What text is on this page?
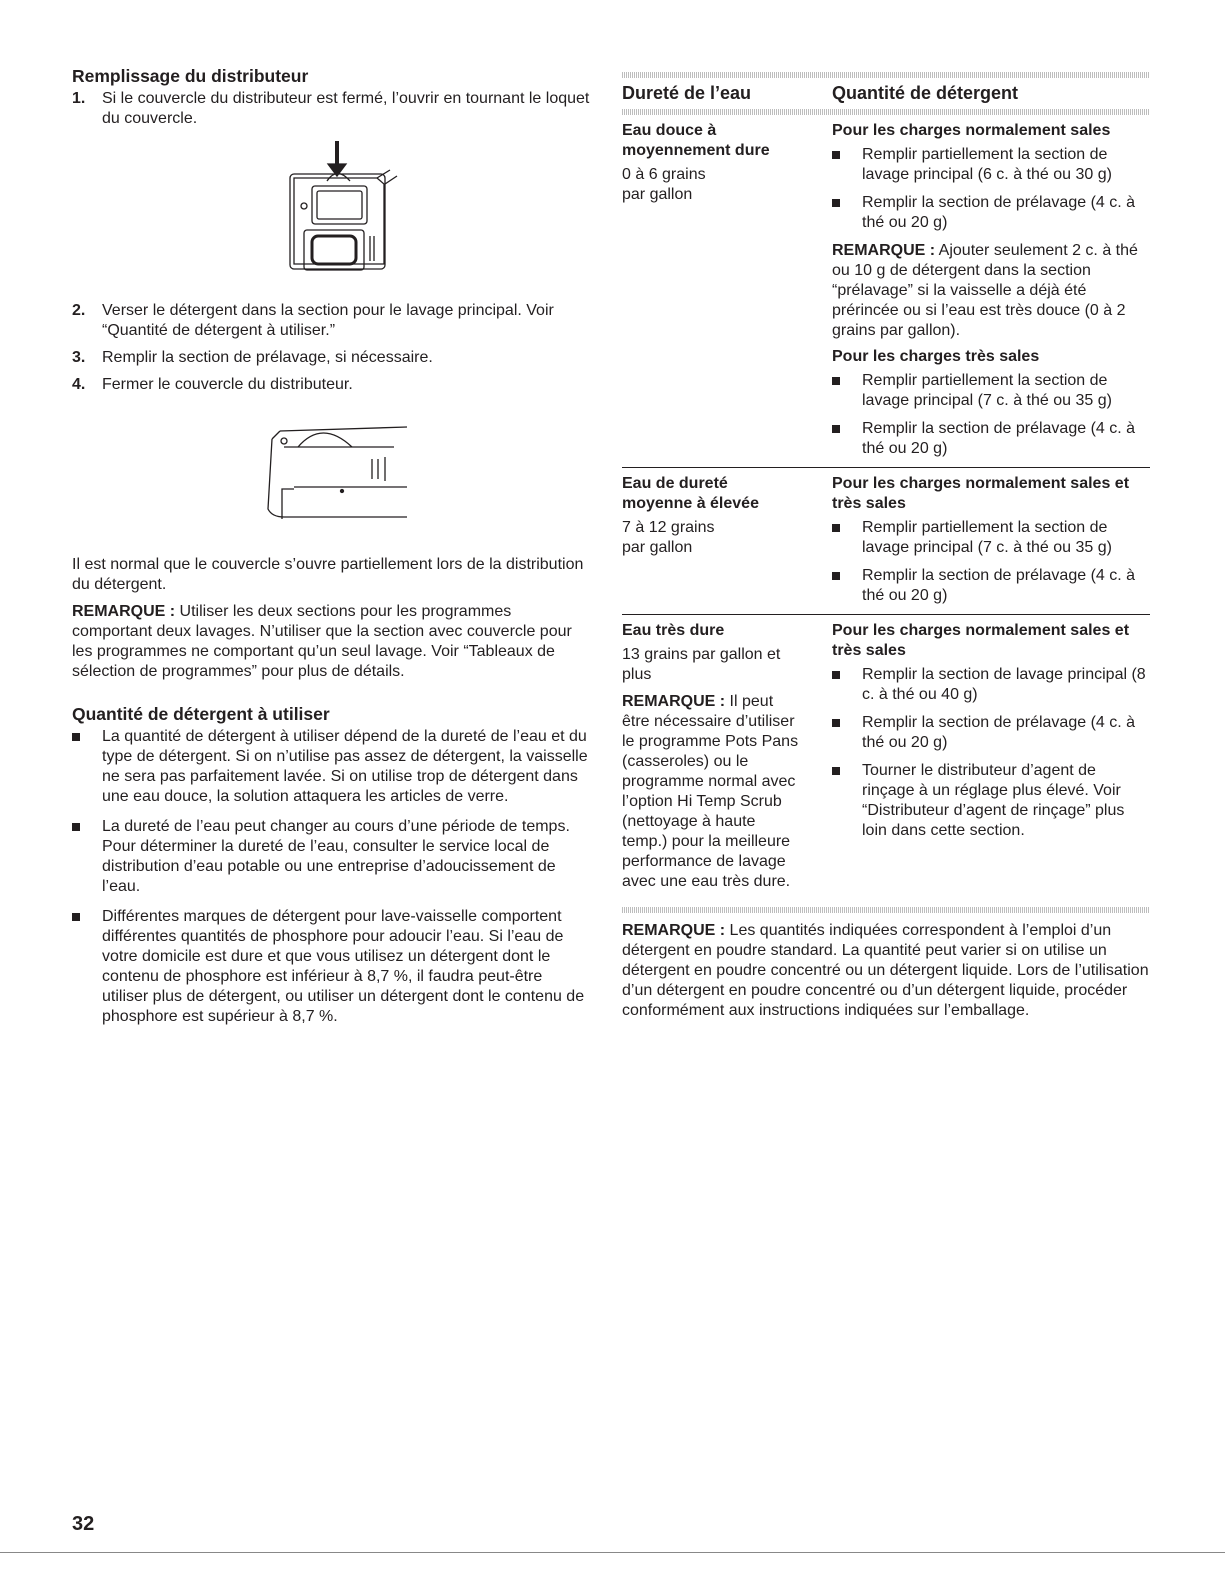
Remplissage du distributeur
1. Si le couvercle du distributeur est fermé, l’ouvrir en tournant le loquet du couvercle.
2. Verser le détergent dans la section pour le lavage principal. Voir “Quantité de détergent à utiliser.”
3. Remplir la section de prélavage, si nécessaire.
4. Fermer le couvercle du distributeur.

Il est normal que le couvercle s’ouvre partiellement lors de la distribution du détergent.

REMARQUE : Utiliser les deux sections pour les programmes comportant deux lavages. N’utiliser que la section avec couvercle pour les programmes ne comportant qu’un seul lavage. Voir “Tableaux de sélection de programmes” pour plus de détails.

Quantité de détergent à utiliser
La quantité de détergent à utiliser dépend de la dureté de l’eau et du type de détergent. Si on n’utilise pas assez de détergent, la vaisselle ne sera pas parfaitement lavée. Si on utilise trop de détergent dans une eau douce, la solution attaquera les articles de verre.
La dureté de l’eau peut changer au cours d’une période de temps. Pour déterminer la dureté de l’eau, consulter le service local de distribution d’eau potable ou une entreprise d’adoucissement de l’eau.
Différentes marques de détergent pour lave-vaisselle comportent différentes quantités de phosphore pour adoucir l’eau. Si l’eau de votre domicile est dure et que vous utilisez un détergent dont le contenu de phosphore est inférieur à 8,7 %, il faudra peut-être utiliser plus de détergent, ou utiliser un détergent dont le contenu de phosphore est supérieur à 8,7 %.
Dureté de l’eau	Quantité de détergent
Eau douce à moyennement dure

0 à 6 grains par gallon

Pour les charges normalement sales
Remplir partiellement la section de lavage principal (6 c. à thé ou 30 g)
Remplir la section de prélavage (4 c. à thé ou 20 g)

REMARQUE : Ajouter seulement 2 c. à thé ou 10 g de détergent dans la section “prélavage” si la vaisselle a déjà été prérincée ou si l’eau est très douce (0 à 2 grains par gallon).

Pour les charges très sales
Remplir partiellement la section de lavage principal (7 c. à thé ou 35 g)
Remplir la section de prélavage (4 c. à thé ou 20 g)
Eau de dureté moyenne à élevée

7 à 12 grains par gallon

Pour les charges normalement sales et très sales
Remplir partiellement la section de lavage principal (7 c. à thé ou 35 g)
Remplir la section de prélavage (4 c. à thé ou 20 g)
Eau très dure

13 grains par gallon et plus

REMARQUE : Il peut être nécessaire d’utiliser le programme Pots Pans (casseroles) ou le programme normal avec l’option Hi Temp Scrub (nettoyage à haute temp.) pour la meilleure performance de lavage avec une eau très dure.

Pour les charges normalement sales et très sales
Remplir la section de lavage principal (8 c. à thé ou 40 g)
Remplir la section de prélavage (4 c. à thé ou 20 g)
Tourner le distributeur d’agent de rinçage à un réglage plus élevé. Voir “Distributeur d’agent de rinçage” plus loin dans cette section.

REMARQUE : Les quantités indiquées correspondent à l’emploi d’un détergent en poudre standard. La quantité peut varier si on utilise un détergent en poudre concentré ou un détergent liquide. Lors de l’utilisation d’un détergent en poudre concentré ou d’un détergent liquide, procéder conformément aux instructions indiquées sur l’emballage.

32
